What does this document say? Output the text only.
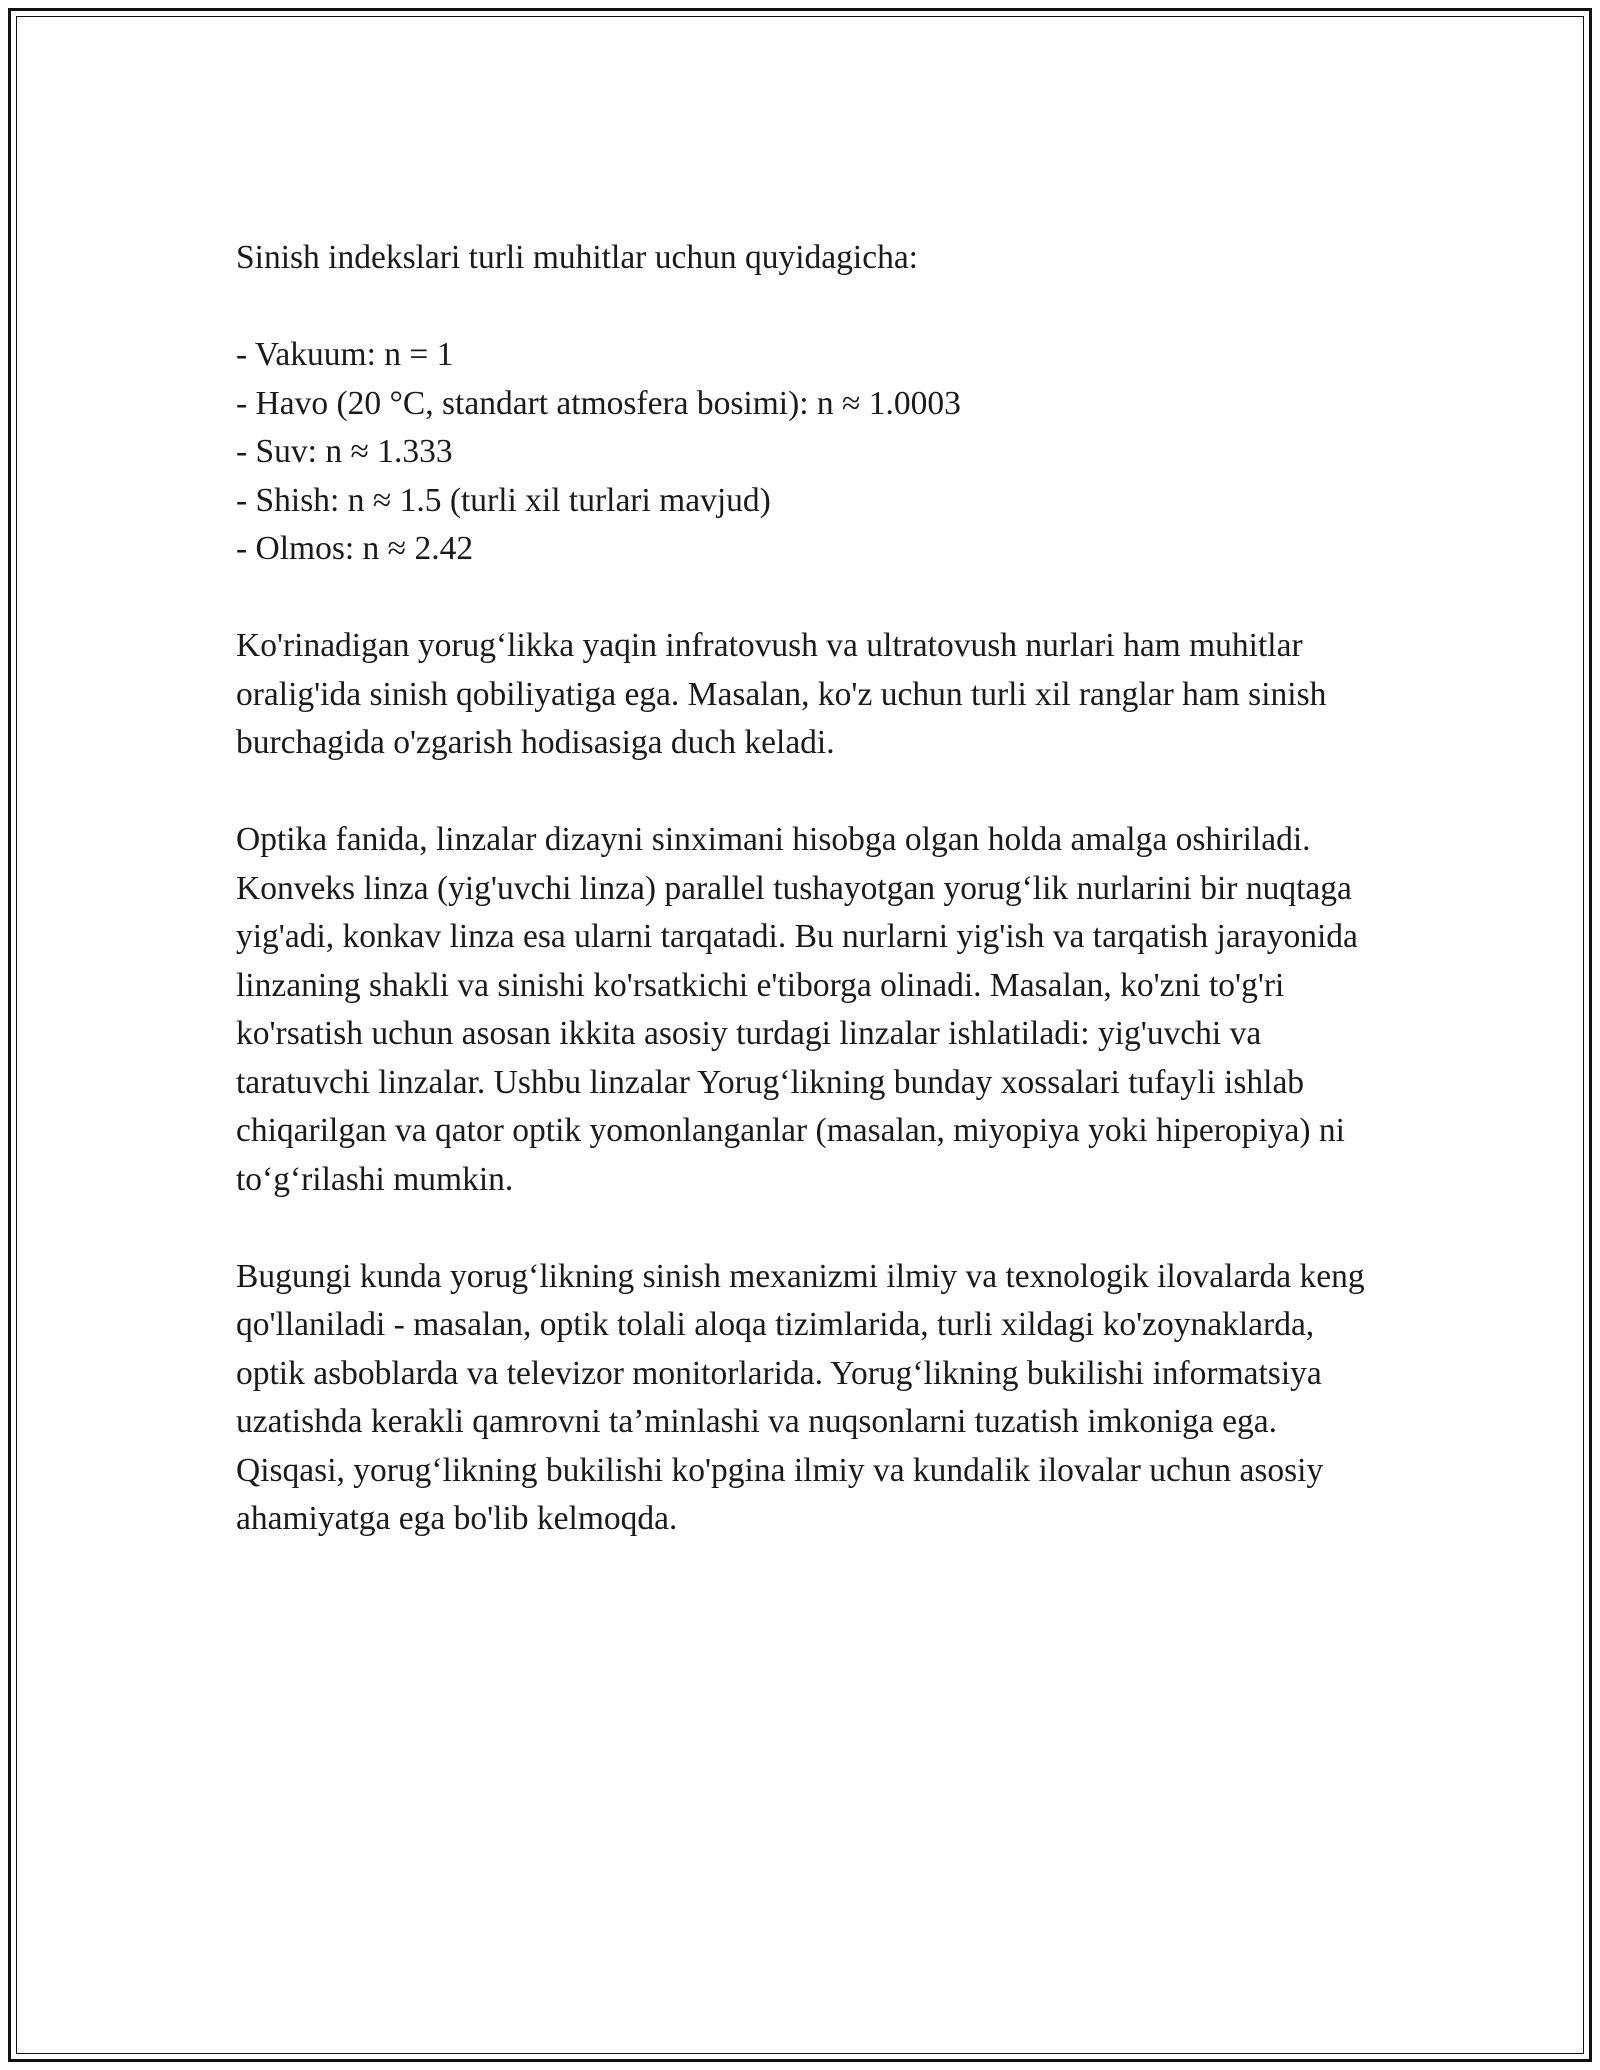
Sinish indekslari turli muhitlar uchun quyidagicha:

- Vakuum: n = 1
- Havo (20 °C, standart atmosfera bosimi): n ≈ 1.0003
- Suv: n ≈ 1.333
- Shish: n ≈ 1.5 (turli xil turlari mavjud)
- Olmos: n ≈ 2.42

Ko'rinadigan yorug‘likka yaqin infratovush va ultratovush nurlari ham muhitlar oralig'ida sinish qobiliyatiga ega. Masalan, ko'z uchun turli xil ranglar ham sinish burchagida o'zgarish hodisasiga duch keladi.

Optika fanida, linzalar dizayni sinximani hisobga olgan holda amalga oshiriladi. Konveks linza (yig'uvchi linza) parallel tushayotgan yorug‘lik nurlarini bir nuqtaga yig'adi, konkav linza esa ularni tarqatadi. Bu nurlarni yig'ish va tarqatish jarayonida linzaning shakli va sinishi ko'rsatkichi e'tiborga olinadi. Masalan, ko'zni to'g'ri ko'rsatish uchun asosan ikkita asosiy turdagi linzalar ishlatiladi: yig'uvchi va taratuvchi linzalar. Ushbu linzalar Yorug‘likning bunday xossalari tufayli ishlab chiqarilgan va qator optik yomonlanganlar (masalan, miyopiya yoki hiperopiya) ni to‘g‘rilashi mumkin.

Bugungi kunda yorug‘likning sinish mexanizmi ilmiy va texnologik ilovalarda keng qo'llaniladi - masalan, optik tolali aloqa tizimlarida, turli xildagi ko'zoynaklarda, optik asboblarda va televizor monitorlarida. Yorug‘likning bukilishi informatsiya uzatishda kerakli qamrovni ta’minlashi va nuqsonlarni tuzatish imkoniga ega. Qisqasi, yorug‘likning bukilishi ko'pgina ilmiy va kundalik ilovalar uchun asosiy ahamiyatga ega bo'lib kelmoqda.
